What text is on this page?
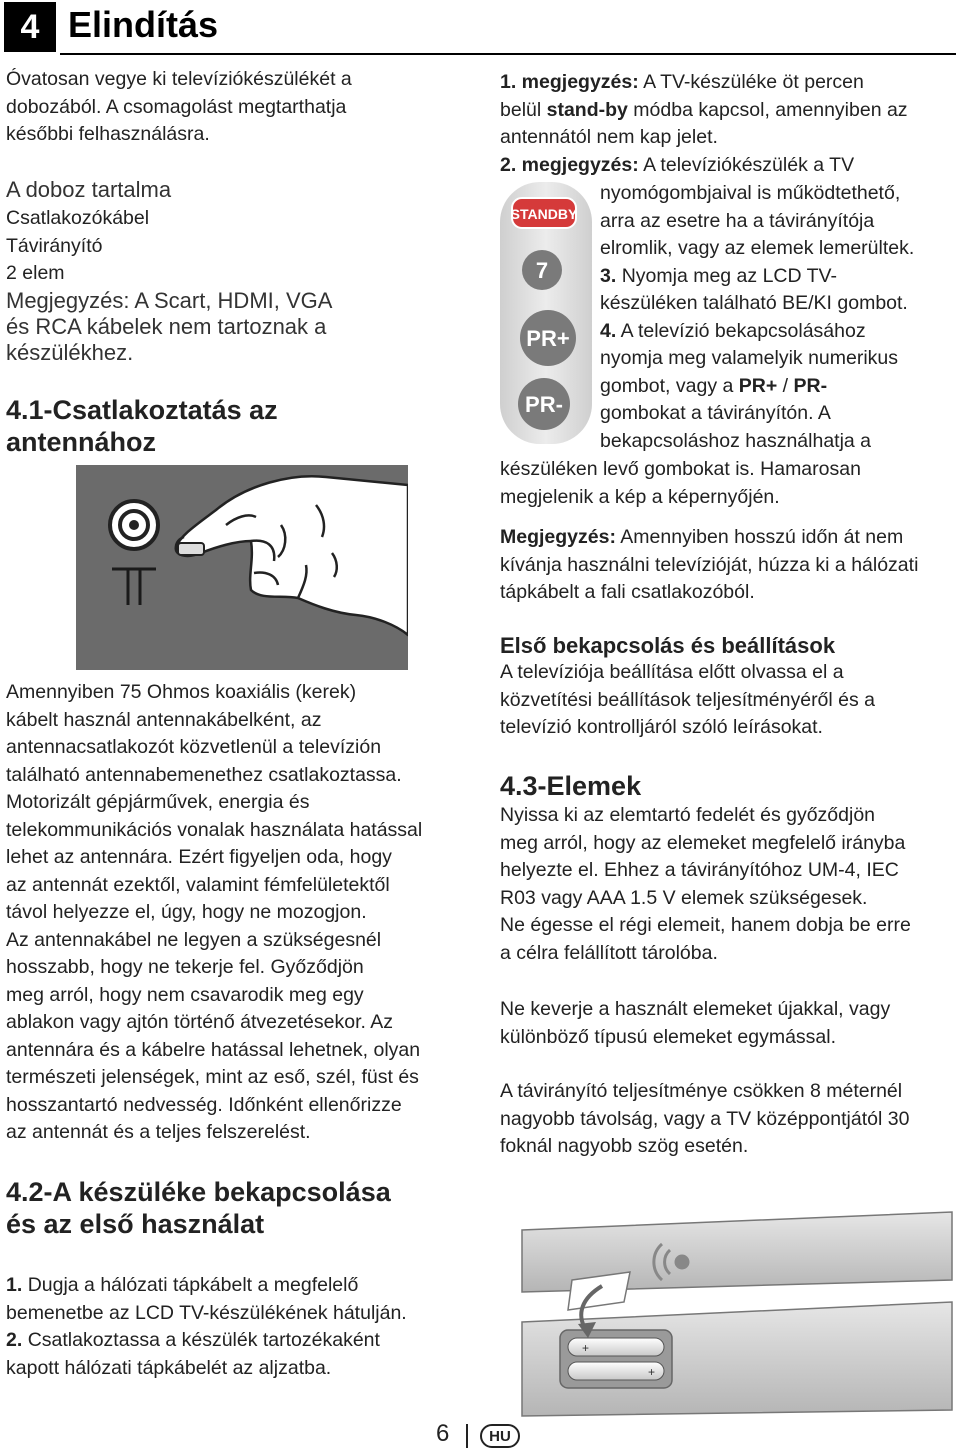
4 Elindítás
Óvatosan vegye ki televíziókészülékét a
dobozából. A csomagolást megtarthatja
későbbi felhasználásra.
A doboz tartalma
Csatlakozókábel
Távirányító
2 elem
Megjegyzés: A Scart, HDMI, VGA
és RCA kábelek nem tartoznak a
készülékhez.
4.1-Csatlakoztatás az
antennához
Amennyiben 75 Ohmos koaxiális (kerek)
kábelt használ antennakábelként, az
antennacsatlakozót közvetlenül a televízión
található antennabemenethez csatlakoztassa.
Motorizált gépjárművek, energia és
telekommunikációs vonalak használata hatással
lehet az antennára. Ezért figyeljen oda, hogy
az antennát ezektől, valamint fémfelületektől
távol helyezze el, úgy, hogy ne mozogjon.
Az antennakábel ne legyen a szükségesnél
hosszabb, hogy ne tekerje fel. Győződjön
meg arról, hogy nem csavarodik meg egy
ablakon vagy ajtón történő átvezetésekor. Az
antennára és a kábelre hatással lehetnek, olyan
természeti jelenségek, mint az eső, szél, füst és
hosszantartó nedvesség. Időnként ellenőrizze
az antennát és a teljes felszerelést.
4.2-A készüléke bekapcsolása
és az első használat
1. Dugja a hálózati tápkábelt a megfelelő
bemenetbe az LCD TV-készülékének hátulján.
2. Csatlakoztassa a készülék tartozékaként
kapott hálózati tápkábelét az aljzatba.
1. megjegyzés: A TV-készüléke öt percen
belül stand-by módba kapcsol, amennyiben az
antennától nem kap jelet.
2. megjegyzés: A televíziókészülék a TV
STANDBY
7
PR+
PR-
nyomógombjaival is működtethető,
arra az esetre ha a távirányítója
elromlik, vagy az elemek lemerültek.
3. Nyomja meg az LCD TV-
készüléken található BE/KI gombot.
4. A televízió bekapcsolásához
nyomja meg valamelyik numerikus
gombot, vagy a PR+ / PR-
gombokat a távirányítón. A
bekapcsoláshoz használhatja a
készüléken levő gombokat is. Hamarosan
megjelenik a kép a képernyőjén.
Megjegyzés: Amennyiben hosszú időn át nem
kívánja használni televízióját, húzza ki a hálózati
tápkábelt a fali csatlakozóból.
Első bekapcsolás és beállítások
A televíziója beállítása előtt olvassa el a
közvetítési beállítások teljesítményéről és a
televízió kontrolljáról szóló leírásokat.
4.3-Elemek
Nyissa ki az elemtartó fedelét és győződjön
meg arról, hogy az elemeket megfelelő irányba
helyezte el. Ehhez a távirányítóhoz UM-4, IEC
R03 vagy AAA 1.5 V elemek szükségesek.
Ne égesse el régi elemeit, hanem dobja be erre
a célra felállított tárolóba.
Ne keverje a használt elemeket újakkal, vagy
különböző típusú elemeket egymással.
A távirányító teljesítménye csökken 8 méternél
nagyobb távolság, vagy a TV középpontjától 30
foknál nagyobb szög esetén.
+
+
6	HU
